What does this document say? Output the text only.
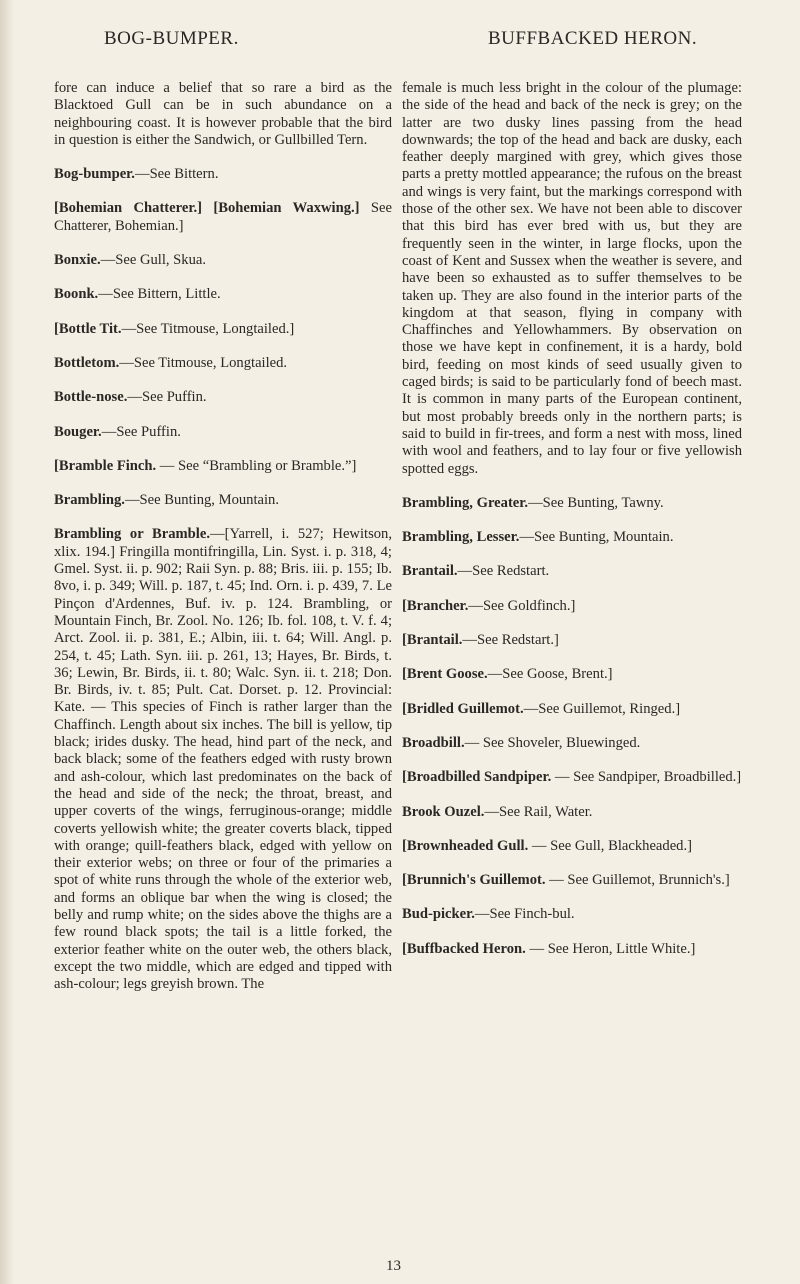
BOG-BUMPER.	BUFFBACKED HERON.

fore can induce a belief that so rare a bird as the Blacktoed Gull can be in such abundance on a neighbouring coast. It is however probable that the bird in question is either the Sandwich, or Gullbilled Tern.

Bog-bumper.—See Bittern.

[Bohemian Chatterer.] [Bohemian Waxwing.] See Chatterer, Bohemian.]

Bonxie.—See Gull, Skua.

Boonk.—See Bittern, Little.

[Bottle Tit.—See Titmouse, Longtailed.]

Bottletom.—See Titmouse, Longtailed.

Bottle-nose.—See Puffin.

Bouger.—See Puffin.

[Bramble Finch. — See “Brambling or Bramble.”]

Brambling.—See Bunting, Mountain.

Brambling or Bramble.—[Yarrell, i. 527; Hewitson, xlix. 194.] Fringilla montifringilla, Lin. Syst. i. p. 318, 4; Gmel. Syst. ii. p. 902; Raii Syn. p. 88; Bris. iii. p. 155; Ib. 8vo, i. p. 349; Will. p. 187, t. 45; Ind. Orn. i. p. 439, 7. Le Pinçon d'Ardennes, Buf. iv. p. 124. Brambling, or Mountain Finch, Br. Zool. No. 126; Ib. fol. 108, t. V. f. 4; Arct. Zool. ii. p. 381, E.; Albin, iii. t. 64; Will. Angl. p. 254, t. 45; Lath. Syn. iii. p. 261, 13; Hayes, Br. Birds, t. 36; Lewin, Br. Birds, ii. t. 80; Walc. Syn. ii. t. 218; Don. Br. Birds, iv. t. 85; Pult. Cat. Dorset. p. 12. Provincial: Kate. — This species of Finch is rather larger than the Chaffinch. Length about six inches. The bill is yellow, tip black; irides dusky. The head, hind part of the neck, and back black; some of the feathers edged with rusty brown and ash-colour, which last predominates on the back of the head and side of the neck; the throat, breast, and upper coverts of the wings, ferruginous-orange; middle coverts yellowish white; the greater coverts black, tipped with orange; quill-feathers black, edged with yellow on their exterior webs; on three or four of the primaries a spot of white runs through the whole of the exterior web, and forms an oblique bar when the wing is closed; the belly and rump white; on the sides above the thighs are a few round black spots; the tail is a little forked, the exterior feather white on the outer web, the others black, except the two middle, which are edged and tipped with ash-colour; legs greyish brown. The

female is much less bright in the colour of the plumage: the side of the head and back of the neck is grey; on the latter are two dusky lines passing from the head downwards; the top of the head and back are dusky, each feather deeply margined with grey, which gives those parts a pretty mottled appearance; the rufous on the breast and wings is very faint, but the markings correspond with those of the other sex. We have not been able to discover that this bird has ever bred with us, but they are frequently seen in the winter, in large flocks, upon the coast of Kent and Sussex when the weather is severe, and have been so exhausted as to suffer themselves to be taken up. They are also found in the interior parts of the kingdom at that season, flying in company with Chaffinches and Yellowhammers. By observation on those we have kept in confinement, it is a hardy, bold bird, feeding on most kinds of seed usually given to caged birds; is said to be particularly fond of beech mast. It is common in many parts of the European continent, but most probably breeds only in the northern parts; is said to build in fir-trees, and form a nest with moss, lined with wool and feathers, and to lay four or five yellowish spotted eggs.

Brambling, Greater.—See Bunting, Tawny.

Brambling, Lesser.—See Bunting, Mountain.

Brantail.—See Redstart.

[Brancher.—See Goldfinch.]

[Brantail.—See Redstart.]

[Brent Goose.—See Goose, Brent.]

[Bridled Guillemot.—See Guillemot, Ringed.]

Broadbill.— See Shoveler, Bluewinged.

[Broadbilled Sandpiper. — See Sandpiper, Broadbilled.]

Brook Ouzel.—See Rail, Water.

[Brownheaded Gull. — See Gull, Blackheaded.]

[Brunnich's Guillemot. — See Guillemot, Brunnich's.]

Bud-picker.—See Finch-bul.

[Buffbacked Heron. — See Heron, Little White.]

13
